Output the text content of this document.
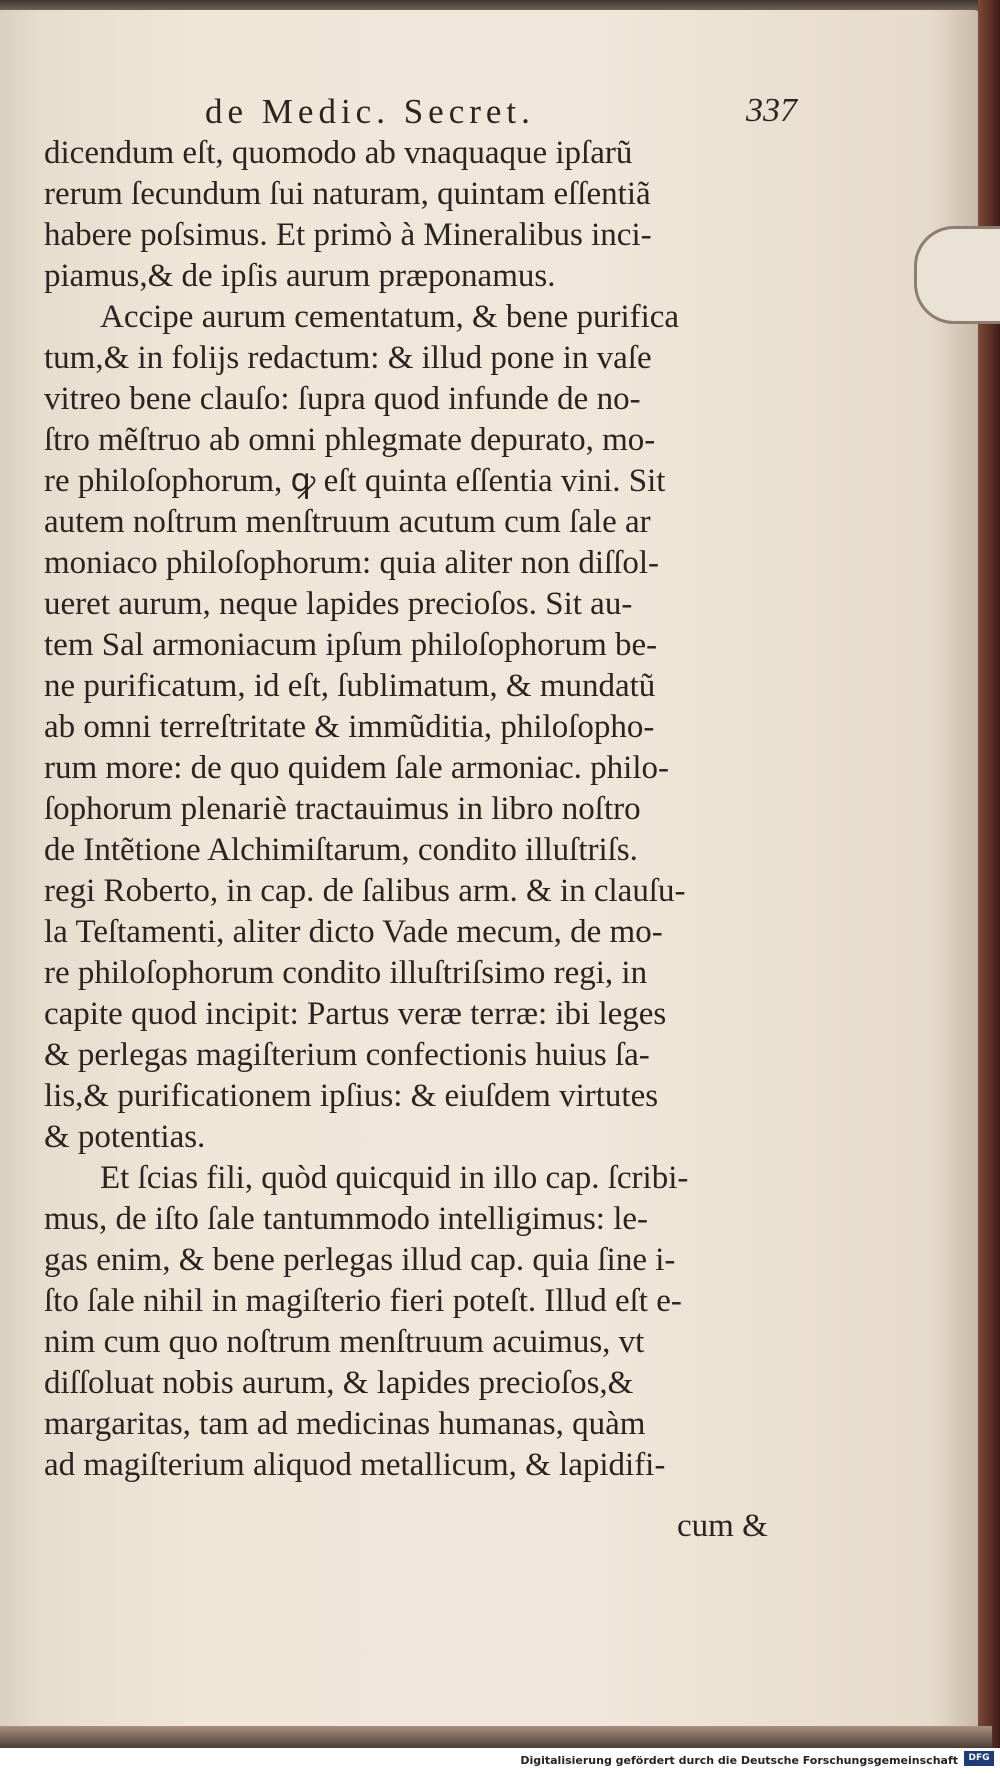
de Medic. Secret.	337
dicendum eſt, quomodo ab vnaquaque ipſarũ
rerum ſecundum ſui naturam, quintam eſſentiã
habere poſsimus. Et primò à Mineralibus inci-
piamus,& de ipſis aurum præponamus.
Accipe aurum cementatum, & bene purifica
tum,& in folijs redactum: & illud pone in vaſe
vitreo bene clauſo: ſupra quod infunde de no-
ſtro mẽſtruo ab omni phlegmate depurato, mo-
re philoſophorum, ꝙ eſt quinta eſſentia vini. Sit
autem noſtrum menſtruum acutum cum ſale ar
moniaco philoſophorum: quia aliter non diſſol-
ueret aurum, neque lapides precioſos. Sit au-
tem Sal armoniacum ipſum philoſophorum be-
ne purificatum, id eſt, ſublimatum, & mundatũ
ab omni terreſtritate & immũditia, philoſopho-
rum more: de quo quidem ſale armoniac. philo-
ſophorum plenariè tractauimus in libro noſtro
de Intẽtione Alchimiſtarum, condito illuſtriſs.
regi Roberto, in cap. de ſalibus arm. & in clauſu-
la Teſtamenti, aliter dicto Vade mecum, de mo-
re philoſophorum condito illuſtriſsimo regi, in
capite quod incipit: Partus veræ terræ: ibi leges
& perlegas magiſterium confectionis huius ſa-
lis,& purificationem ipſius: & eiuſdem virtutes
& potentias.
Et ſcias fili, quòd quicquid in illo cap. ſcribi-
mus, de iſto ſale tantummodo intelligimus: le-
gas enim, & bene perlegas illud cap. quia ſine i-
ſto ſale nihil in magiſterio fieri poteſt. Illud eſt e-
nim cum quo noſtrum menſtruum acuimus, vt
diſſoluat nobis aurum, & lapides precioſos,&
margaritas, tam ad medicinas humanas, quàm
ad magiſterium aliquod metallicum, & lapidifi-
cum &
Digitalisierung gefördert durch die Deutsche Forschungsgemeinschaft	DFG
